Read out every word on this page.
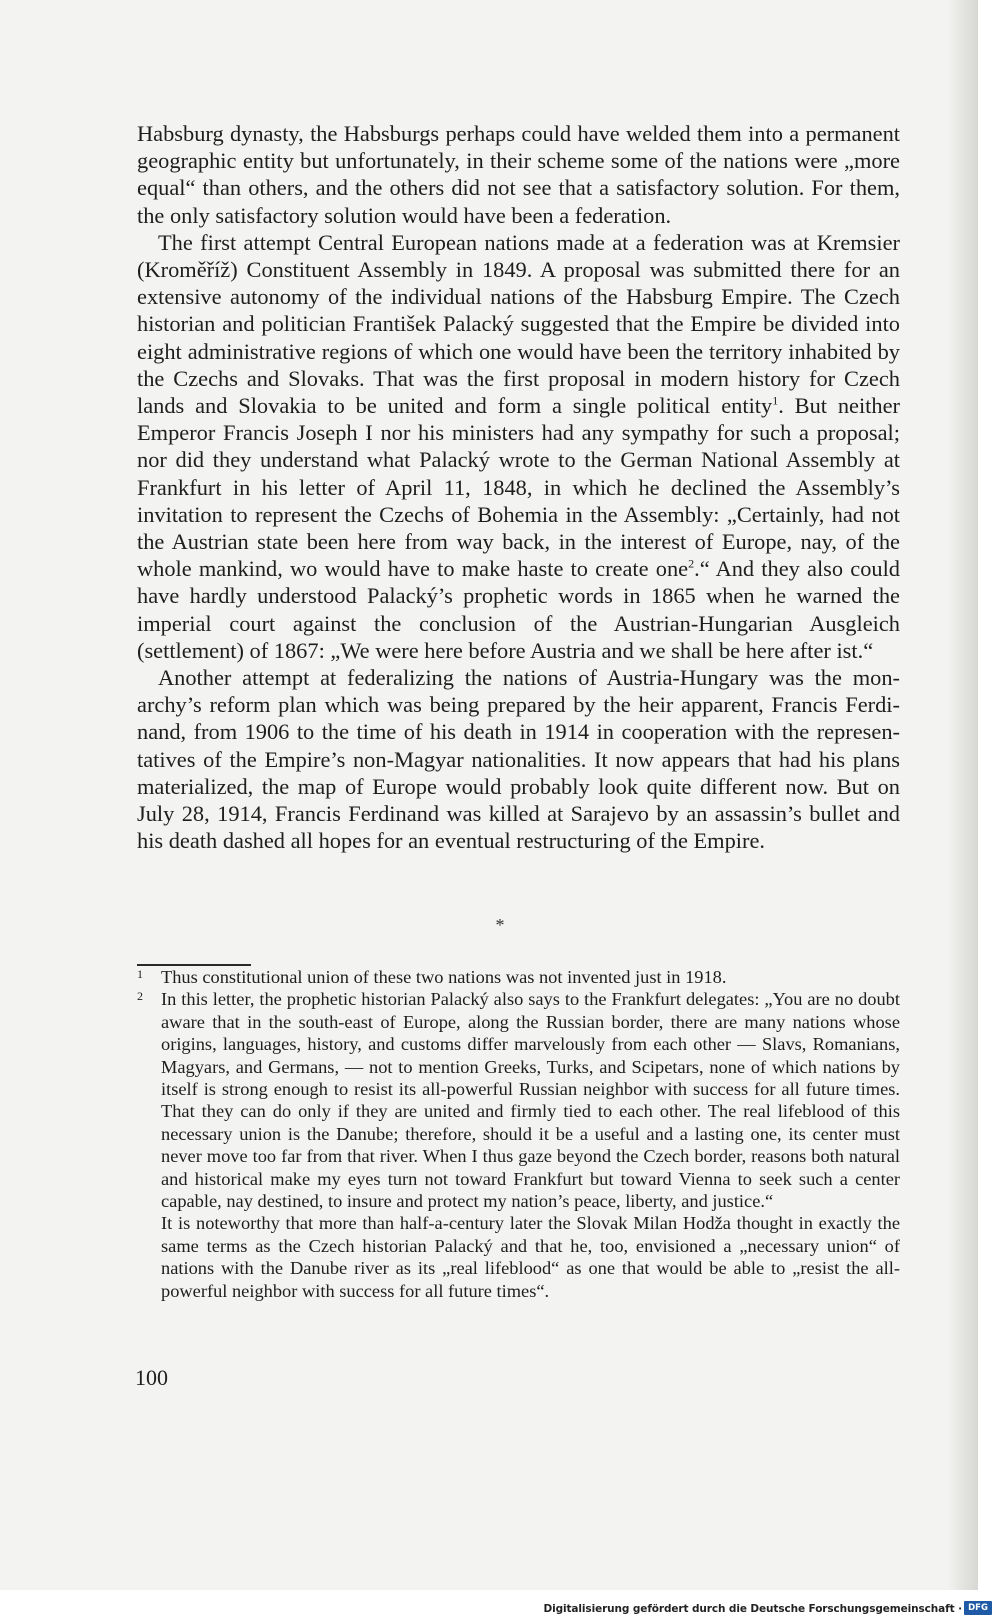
Habsburg dynasty, the Habsburgs perhaps could have welded them into a permanent geographic entity but unfortunately, in their scheme some of the nations were „more equal“ than others, and the others did not see that a satisfactory solution. For them, the only satisfactory solution would have been a federation.

The first attempt Central European nations made at a federation was at Kremsier (Kroměříž) Constituent Assembly in 1849. A proposal was submitted there for an extensive autonomy of the individual nations of the Habsburg Empire. The Czech historian and politician František Palacký suggested that the Empire be divided into eight administrative regions of which one would have been the territory inhabited by the Czechs and Slovaks. That was the first proposal in modern history for Czech lands and Slovakia to be united and form a single political entity$^1$. But neither Emperor Francis Joseph I nor his ministers had any sympathy for such a proposal; nor did they understand what Palacký wrote to the German National Assembly at Frankfurt in his letter of April 11, 1848, in which he declined the Assembly’s invitation to represent the Czechs of Bohemia in the Assembly: „Certainly, had not the Austrian state been here from way back, in the interest of Europe, nay, of the whole mankind, wo would have to make haste to create one$^2$.“ And they also could have hardly understood Palacký’s prophetic words in 1865 when he warned the imperial court against the conclusion of the Austrian-Hungarian Ausgleich (settlement) of 1867: „We were here before Austria and we shall be here after ist.“

Another attempt at federalizing the nations of Austria-Hungary was the monarchy’s reform plan which was being prepared by the heir apparent, Francis Ferdinand, from 1906 to the time of his death in 1914 in cooperation with the representatives of the Empire’s non-Magyar nationalities. It now appears that had his plans materialized, the map of Europe would probably look quite different now. But on July 28, 1914, Francis Ferdinand was killed at Sarajevo by an assassin’s bullet and his death dashed all hopes for an eventual restructuring of the Empire.

*

1 Thus constitutional union of these two nations was not invented just in 1918.

2 In this letter, the prophetic historian Palacký also says to the Frankfurt delegates: „You are no doubt aware that in the south-east of Europe, along the Russian border, there are many nations whose origins, languages, history, and customs differ marvelously from each other — Slavs, Romanians, Magyars, and Germans, — not to mention Greeks, Turks, and Scipetars, none of which nations by itself is strong enough to resist its all-powerful Russian neighbor with success for all future times. That they can do only if they are united and firmly tied to each other. The real lifeblood of this necessary union is the Danube; therefore, should it be a useful and a lasting one, its center must never move too far from that river. When I thus gaze beyond the Czech border, reasons both natural and historical make my eyes turn not toward Frankfurt but toward Vienna to seek such a center capable, nay destined, to insure and protect my nation’s peace, liberty, and justice.“

It is noteworthy that more than half-a-century later the Slovak Milan Hodža thought in exactly the same terms as the Czech historian Palacký and that he, too, envisioned a „necessary union“ of nations with the Danube river as its „real lifeblood“ as one that would be able to „resist the all-powerful neighbor with success for all future times“.

100
Digitalisierung gefördert durch die Deutsche Forschungsgemeinschaft · DFG
